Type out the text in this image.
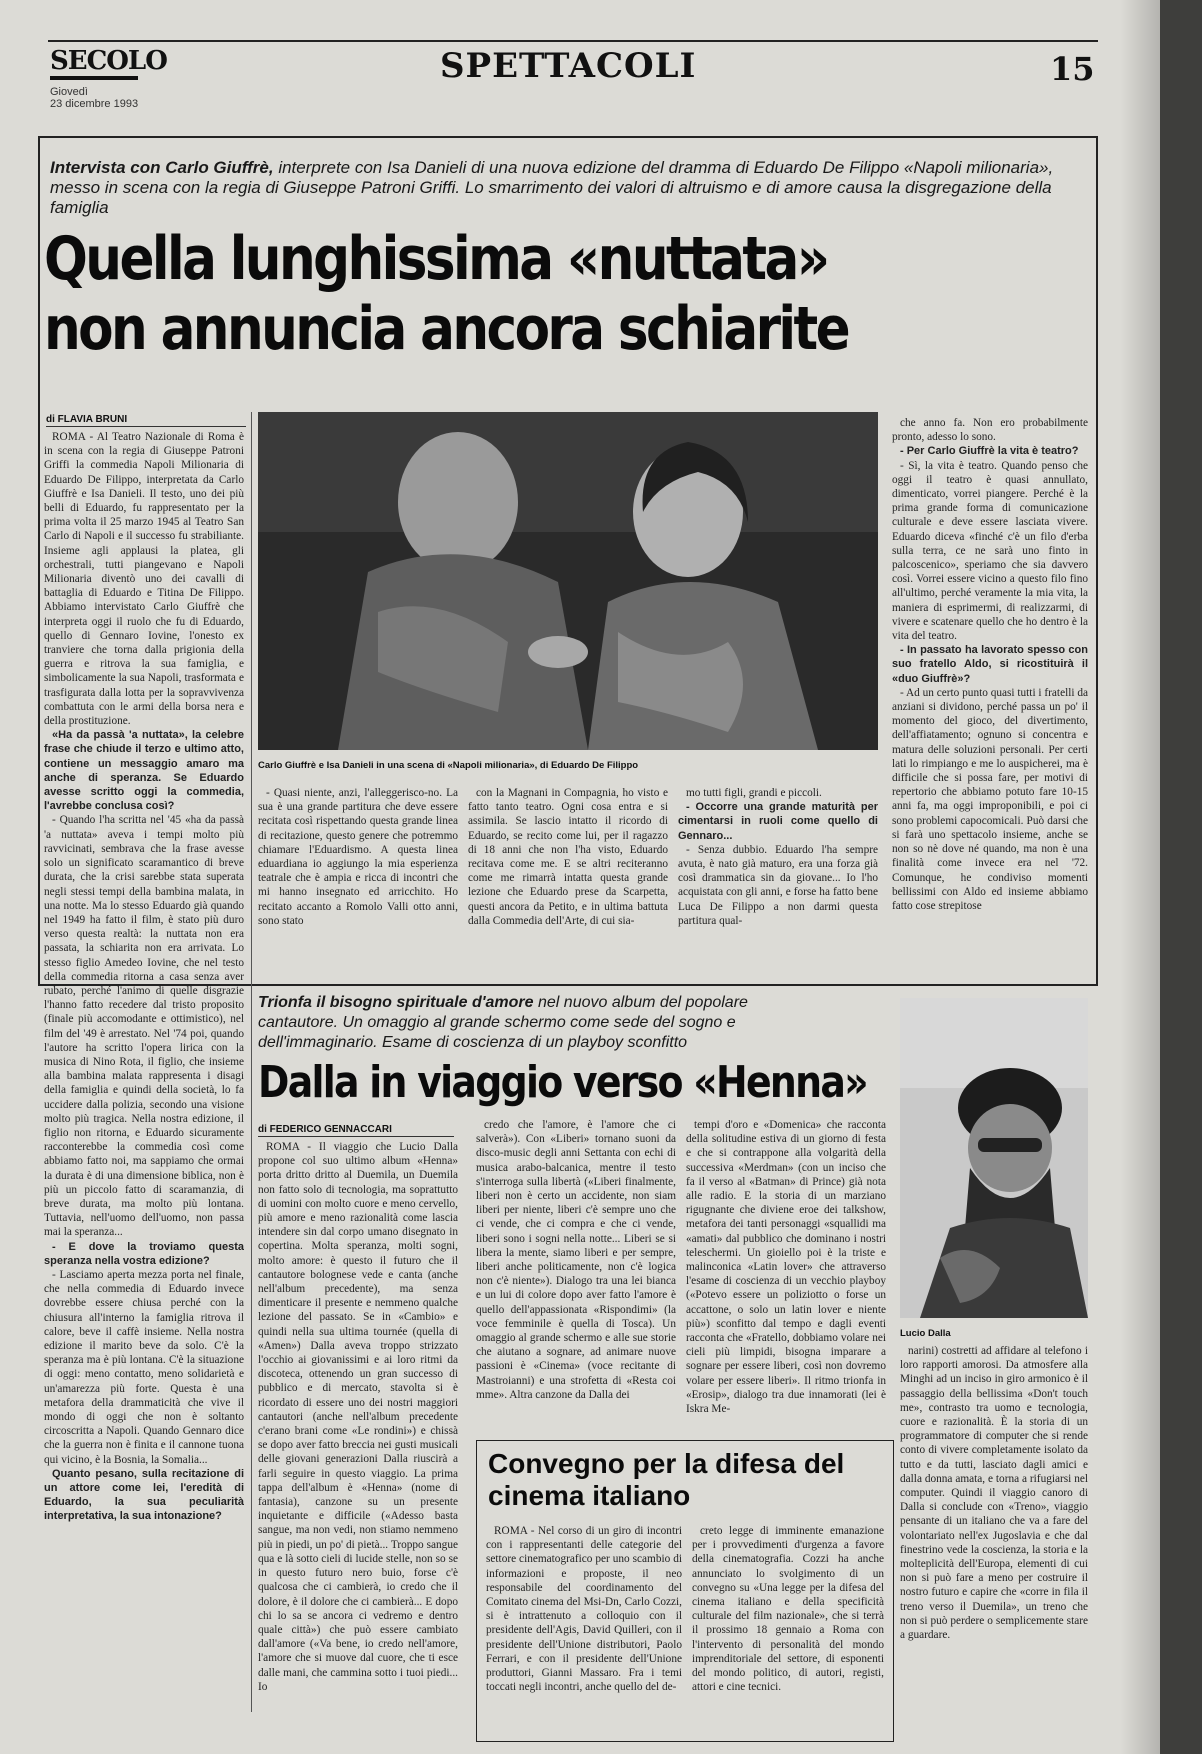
SECOLO
Giovedì
23 dicembre 1993
SPETTACOLI	15
Intervista con Carlo Giuffrè, interprete con Isa Danieli di una nuova edizione del dramma di Eduardo De Filippo «Napoli milionaria», messo in scena con la regia di Giuseppe Patroni Griffi. Lo smarrimento dei valori di altruismo e di amore causa la disgregazione della famiglia
Quella lunghissima «nuttata»
non annuncia ancora schiarite
di FLAVIA BRUNI
Carlo Giuffrè e Isa Danieli in una scena di «Napoli milionaria», di Eduardo De Filippo

ROMA - Al Teatro Nazionale di Roma è in scena con la regia di Giuseppe Patroni Griffi la commedia Napoli Milionaria di Eduardo De Filippo, interpretata da Carlo Giuffrè e Isa Danieli. Il testo, uno dei più belli di Eduardo, fu rappresentato per la prima volta il 25 marzo 1945 al Teatro San Carlo di Napoli e il successo fu strabiliante. Insieme agli applausi la platea, gli orchestrali, tutti piangevano e Napoli Milionaria diventò uno dei cavalli di battaglia di Eduardo e Titina De Filippo. Abbiamo intervistato Carlo Giuffrè che interpreta oggi il ruolo che fu di Eduardo, quello di Gennaro Iovine, l'onesto ex tranviere che torna dalla prigionia della guerra e ritrova la sua famiglia, e simbolicamente la sua Napoli, trasformata e trasfigurata dalla lotta per la sopravvivenza combattuta con le armi della borsa nera e della prostituzione.

«Ha da passà 'a nuttata», la celebre frase che chiude il terzo e ultimo atto, contiene un messaggio amaro ma anche di speranza. Se Eduardo avesse scritto oggi la commedia, l'avrebbe conclusa così?

- Quando l'ha scritta nel '45 «ha da passà 'a nuttata» aveva i tempi molto più ravvicinati, sembrava che la frase avesse solo un significato scaramantico di breve durata, che la crisi sarebbe stata superata negli stessi tempi della bambina malata, in una notte. Ma lo stesso Eduardo già quando nel 1949 ha fatto il film, è stato più duro verso questa realtà: la nuttata non era passata, la schiarita non era arrivata. Lo stesso figlio Amedeo Iovine, che nel testo della commedia ritorna a casa senza aver rubato, perché l'animo di quelle disgrazie l'hanno fatto recedere dal tristo proposito (finale più accomodante e ottimistico), nel film del '49 è arrestato. Nel '74 poi, quando l'autore ha scritto l'opera lirica con la musica di Nino Rota, il figlio, che insieme alla bambina malata rappresenta i disagi della famiglia e quindi della società, lo fa uccidere dalla polizia, secondo una visione molto più tragica. Nella nostra edizione, il figlio non ritorna, e Eduardo sicuramente racconterebbe la commedia così come abbiamo fatto noi, ma sappiamo che ormai la durata è di una dimensione biblica, non è più un piccolo fatto di scaramanzia, di breve durata, ma molto più lontana. Tuttavia, nell'uomo dell'uomo, non passa mai la speranza...

- E dove la troviamo questa speranza nella vostra edizione?

- Lasciamo aperta mezza porta nel finale, che nella commedia di Eduardo invece dovrebbe essere chiusa perché con la chiusura all'interno la famiglia ritrova il calore, beve il caffè insieme. Nella nostra edizione il marito beve da solo. C'è la speranza ma è più lontana. C'è la situazione di oggi: meno contatto, meno solidarietà e un'amarezza più forte. Questa è una metafora della drammaticità che vive il mondo di oggi che non è soltanto circoscritta a Napoli. Quando Gennaro dice che la guerra non è finita e il cannone tuona qui vicino, è la Bosnia, la Somalia...

Quanto pesano, sulla recitazione di un attore come lei, l'eredità di Eduardo, la sua peculiarità interpretativa, la sua intonazione?

- Quasi niente, anzi, l'alleggerisco-no. La sua è una grande partitura che deve essere recitata così rispettando questa grande linea di recitazione, questo genere che potremmo chiamare l'Eduardismo. A questa linea eduardiana io aggiungo la mia esperienza teatrale che è ampia e ricca di incontri che mi hanno insegnato ed arricchito. Ho recitato accanto a Romolo Valli otto anni, sono stato

con la Magnani in Compagnia, ho visto e fatto tanto teatro. Ogni cosa entra e si assimila. Se lascio intatto il ricordo di Eduardo, se recito come lui, per il ragazzo di 18 anni che non l'ha visto, Eduardo recitava come me. E se altri reciteranno come me rimarrà intatta questa grande lezione che Eduardo prese da Scarpetta, questi ancora da Petito, e in ultima battuta dalla Commedia dell'Arte, di cui sia-

mo tutti figli, grandi e piccoli.

- Occorre una grande maturità per cimentarsi in ruoli come quello di Gennaro...

- Senza dubbio. Eduardo l'ha sempre avuta, è nato già maturo, era una forza già così drammatica sin da giovane... Io l'ho acquistata con gli anni, e forse ha fatto bene Luca De Filippo a non darmi questa partitura qual-

che anno fa. Non ero probabilmente pronto, adesso lo sono.

- Per Carlo Giuffrè la vita è teatro?

- Sì, la vita è teatro. Quando penso che oggi il teatro è quasi annullato, dimenticato, vorrei piangere. Perché è la prima grande forma di comunicazione culturale e deve essere lasciata vivere. Eduardo diceva «finché c'è un filo d'erba sulla terra, ce ne sarà uno finto in palcoscenico», speriamo che sia davvero così. Vorrei essere vicino a questo filo fino all'ultimo, perché veramente la mia vita, la maniera di esprimermi, di realizzarmi, di vivere e scatenare quello che ho dentro è la vita del teatro.

- In passato ha lavorato spesso con suo fratello Aldo, si ricostituirà il «duo Giuffrè»?

- Ad un certo punto quasi tutti i fratelli da anziani si dividono, perché passa un po' il momento del gioco, del divertimento, dell'affiatamento; ognuno si concentra e matura delle soluzioni personali. Per certi lati lo rimpiango e me lo auspicherei, ma è difficile che si possa fare, per motivi di repertorio che abbiamo potuto fare 10-15 anni fa, ma oggi improponibili, e poi ci sono problemi capocomicali. Può darsi che si farà uno spettacolo insieme, anche se non so nè dove né quando, ma non è una finalità come invece era nel '72. Comunque, he condiviso momenti bellissimi con Aldo ed insieme abbiamo fatto cose strepitose

Trionfa il bisogno spirituale d'amore nel nuovo album del popolare cantautore. Un omaggio al grande schermo come sede del sogno e dell'immaginario. Esame di coscienza di un playboy sconfitto
Dalla in viaggio verso «Henna»
di FEDERICO GENNACCARI
Lucio Dalla

ROMA - Il viaggio che Lucio Dalla propone col suo ultimo album «Henna» porta dritto dritto al Duemila, un Duemila non fatto solo di tecnologia, ma soprattutto di uomini con molto cuore e meno cervello, più amore e meno razionalità come lascia intendere sin dal corpo umano disegnato in copertina. Molta speranza, molti sogni, molto amore: è questo il futuro che il cantautore bolognese vede e canta (anche nell'album precedente), ma senza dimenticare il presente e nemmeno qualche lezione del passato. Se in «Cambio» e quindi nella sua ultima tournée (quella di «Amen») Dalla aveva troppo strizzato l'occhio ai giovanissimi e ai loro ritmi da discoteca, ottenendo un gran successo di pubblico e di mercato, stavolta si è ricordato di essere uno dei nostri maggiori cantautori (anche nell'album precedente c'erano brani come «Le rondini») e chissà se dopo aver fatto breccia nei gusti musicali delle giovani generazioni Dalla riuscirà a farli seguire in questo viaggio. La prima tappa dell'album è «Henna» (nome di fantasia), canzone su un presente inquietante e difficile («Adesso basta sangue, ma non vedi, non stiamo nemmeno più in piedi, un po' di pietà... Troppo sangue qua e là sotto cieli di lucide stelle, non so se in questo futuro nero buio, forse c'è qualcosa che ci cambierà, io credo che il dolore, è il dolore che ci cambierà... E dopo chi lo sa se ancora ci vedremo e dentro quale città») che può essere cambiato dall'amore («Va bene, io credo nell'amore, l'amore che si muove dal cuore, che ti esce dalle mani, che cammina sotto i tuoi piedi... Io

credo che l'amore, è l'amore che ci salverà»). Con «Liberi» tornano suoni da disco-music degli anni Settanta con echi di musica arabo-balcanica, mentre il testo s'interroga sulla libertà («Liberi finalmente, liberi non è certo un accidente, non siam liberi per niente, liberi c'è sempre uno che ci vende, che ci compra e che ci vende, liberi sono i sogni nella notte... Liberi se si libera la mente, siamo liberi e per sempre, liberi anche politicamente, non c'è logica non c'è niente»). Dialogo tra una lei bianca e un lui di colore dopo aver fatto l'amore è quello dell'appassionata «Rispondimi» (la voce femminile è quella di Tosca). Un omaggio al grande schermo e alle sue storie che aiutano a sognare, ad animare nuove passioni è «Cinema» (voce recitante di Mastroianni) e una strofetta di «Resta coi mme». Altra canzone da Dalla dei

tempi d'oro e «Domenica» che racconta della solitudine estiva di un giorno di festa e che si contrappone alla volgarità della successiva «Merdman» (con un inciso che fa il verso al «Batman» di Prince) già nota alle radio. E la storia di un marziano rigugnante che diviene eroe dei talkshow, metafora dei tanti personaggi «squallidi ma «amati» dal pubblico che dominano i nostri teleschermi. Un gioiello poi è la triste e malinconica «Latin lover» che attraverso l'esame di coscienza di un vecchio playboy («Potevo essere un poliziotto o forse un accattone, o solo un latin lover e niente più») sconfitto dal tempo e dagli eventi racconta che «Fratello, dobbiamo volare nei cieli più limpidi, bisogna imparare a sognare per essere liberi, così non dovremo volare per essere liberi». Il ritmo trionfa in «Erosip», dialogo tra due innamorati (lei è Iskra Me-

narini) costretti ad affidare al telefono i loro rapporti amorosi. Da atmosfere alla Minghi ad un inciso in giro armonico è il passaggio della bellissima «Don't touch me», contrasto tra uomo e tecnologia, cuore e razionalità. È la storia di un programmatore di computer che si rende conto di vivere completamente isolato da tutto e da tutti, lasciato dagli amici e dalla donna amata, e torna a rifugiarsi nel computer. Quindi il viaggio canoro di Dalla si conclude con «Treno», viaggio pensante di un italiano che va a fare del volontariato nell'ex Jugoslavia e che dal finestrino vede la coscienza, la storia e la molteplicità dell'Europa, elementi di cui non si può fare a meno per costruire il nostro futuro e capire che «corre in fila il treno verso il Duemila», un treno che non si può perdere o semplicemente stare a guardare.

Convegno per la difesa del cinema italiano

ROMA - Nel corso di un giro di incontri con i rappresentanti delle categorie del settore cinematografico per uno scambio di informazioni e proposte, il neo responsabile del coordinamento del Comitato cinema del Msi-Dn, Carlo Cozzi, si è intrattenuto a colloquio con il presidente dell'Agis, David Quilleri, con il presidente dell'Unione distributori, Paolo Ferrari, e con il presidente dell'Unione produttori, Gianni Massaro. Fra i temi toccati negli incontri, anche quello del de-

creto legge di imminente emanazione per i provvedimenti d'urgenza a favore della cinematografia. Cozzi ha anche annunciato lo svolgimento di un convegno su «Una legge per la difesa del cinema italiano e della specificità culturale del film nazionale», che si terrà il prossimo 18 gennaio a Roma con l'intervento di personalità del mondo imprenditoriale del settore, di esponenti del mondo politico, di autori, registi, attori e cine tecnici.
